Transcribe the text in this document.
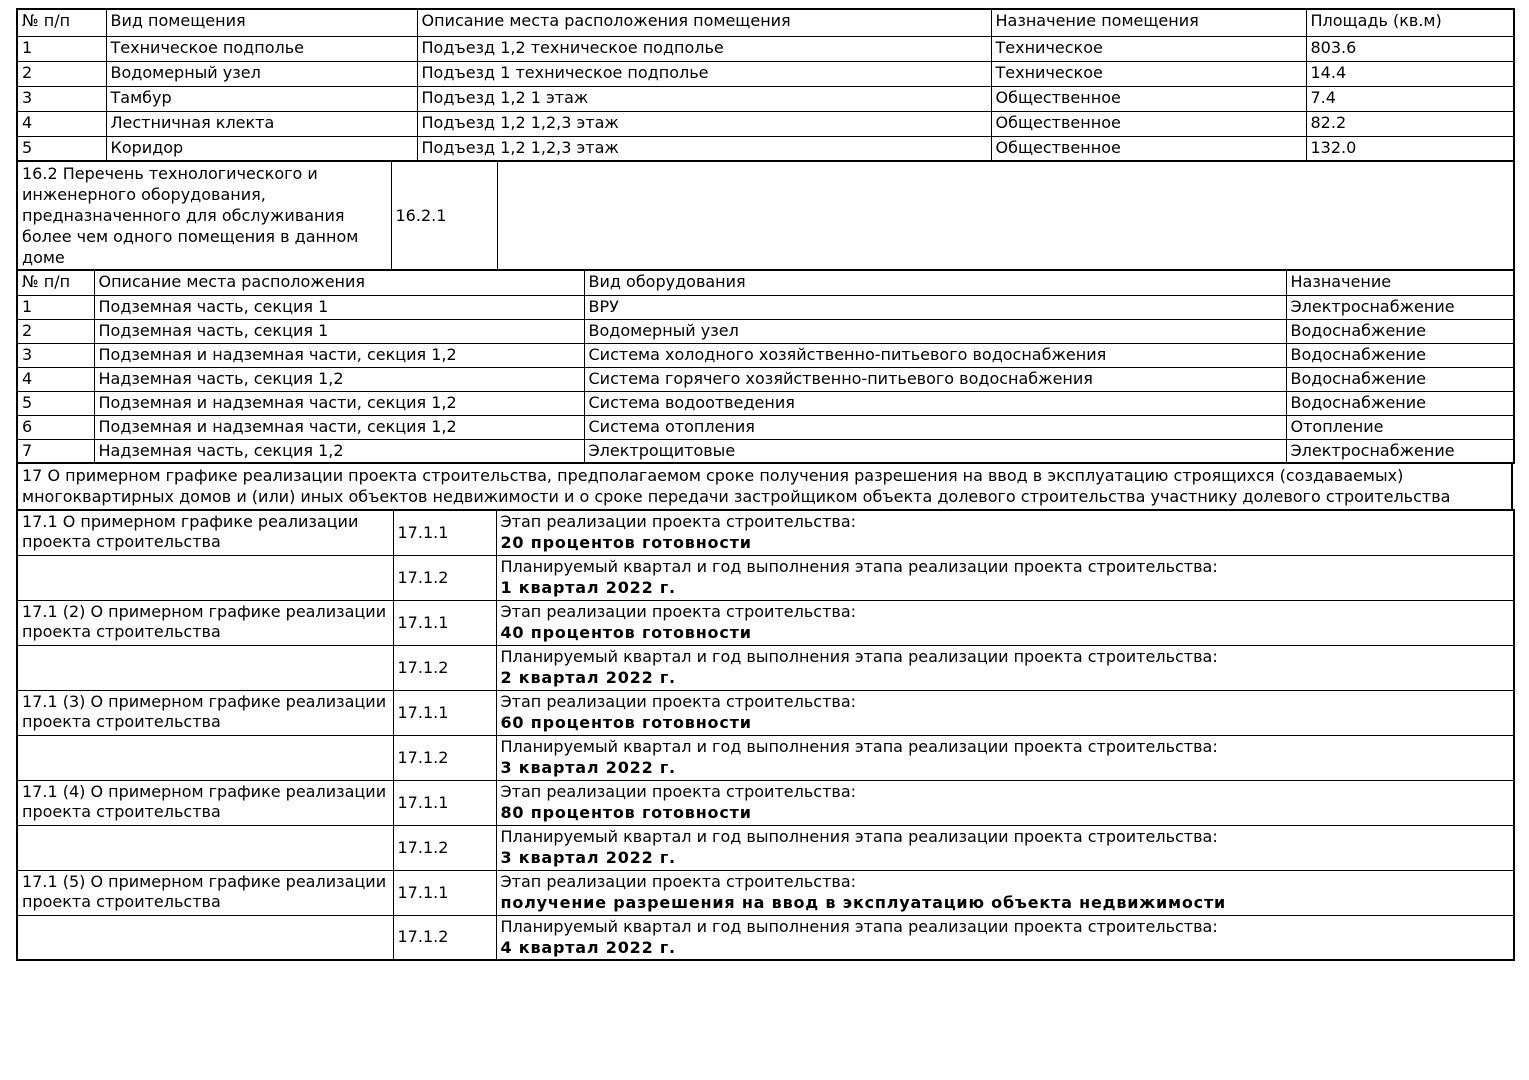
№ п/п	Вид помещения	Описание места расположения помещения	Назначение помещения	Площадь (кв.м)
1	Техническое подполье	Подъезд 1,2 техническое подполье	Техническое	803.6
2	Водомерный узел	Подъезд 1 техническое подполье	Техническое	14.4
3	Тамбур	Подъезд 1,2 1 этаж	Общественное	7.4
4	Лестничная клекта	Подъезд 1,2 1,2,3 этаж	Общественное	82.2
5	Коридор	Подъезд 1,2 1,2,3 этаж	Общественное	132.0
16.2 Перечень технологического и инженерного оборудования, предназначенного для обслуживания более чем одного помещения в данном доме	16.2.1	
№ п/п	Описание места расположения	Вид оборудования	Назначение
1	Подземная часть, секция 1	ВРУ	Электроснабжение
2	Подземная часть, секция 1	Водомерный узел	Водоснабжение
3	Подземная и надземная части, секция 1,2	Система холодного хозяйственно-питьевого водоснабжения	Водоснабжение
4	Надземная часть, секция 1,2	Система горячего хозяйственно-питьевого водоснабжения	Водоснабжение
5	Подземная и надземная части, секция 1,2	Система водоотведения	Водоснабжение
6	Подземная и надземная части, секция 1,2	Система отопления	Отопление
7	Надземная часть, секция 1,2	Электрощитовые	Электроснабжение
17 О примерном графике реализации проекта строительства, предполагаемом сроке получения разрешения на ввод в эксплуатацию строящихся (создаваемых) многоквартирных домов и (или) иных объектов недвижимости и о сроке передачи застройщиком объекта долевого строительства участнику долевого строительства
17.1 О примерном графике реализации проекта строительства	17.1.1	Этап реализации проекта строительства:
20 процентов готовности

	17.1.2	Планируемый квартал и год выполнения этапа реализации проекта строительства:
1 квартал 2022 г.

17.1 (2) О примерном графике реализации проекта строительства	17.1.1	Этап реализации проекта строительства:
40 процентов готовности

	17.1.2	Планируемый квартал и год выполнения этапа реализации проекта строительства:
2 квартал 2022 г.

17.1 (3) О примерном графике реализации проекта строительства	17.1.1	Этап реализации проекта строительства:
60 процентов готовности

	17.1.2	Планируемый квартал и год выполнения этапа реализации проекта строительства:
3 квартал 2022 г.

17.1 (4) О примерном графике реализации проекта строительства	17.1.1	Этап реализации проекта строительства:
80 процентов готовности

	17.1.2	Планируемый квартал и год выполнения этапа реализации проекта строительства:
3 квартал 2022 г.

17.1 (5) О примерном графике реализации проекта строительства	17.1.1	Этап реализации проекта строительства:
получение разрешения на ввод в эксплуатацию объекта недвижимости

	17.1.2	Планируемый квартал и год выполнения этапа реализации проекта строительства:
4 квартал 2022 г.
